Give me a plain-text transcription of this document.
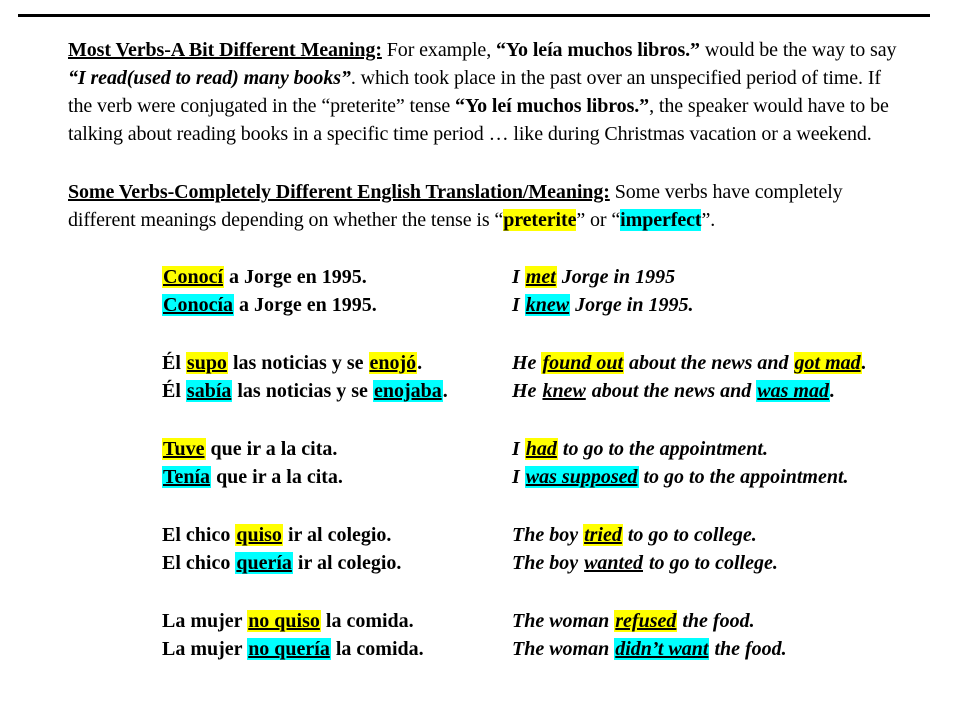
Most Verbs-A Bit Different Meaning: For example, “Yo leía muchos libros.” would be the way to say “I read(used to read) many books”. which took place in the past over an unspecified period of time. If the verb were conjugated in the “preterite” tense “Yo leí muchos libros.”, the speaker would have to be talking about reading books in a specific time period … like during Christmas vacation or a weekend.
Some Verbs-Completely Different English Translation/Meaning: Some verbs have completely different meanings depending on whether the tense is “preterite” or “imperfect”.
Conocí a Jorge en 1995.	I met Jorge in 1995
Conocía a Jorge en 1995.	I knew Jorge in 1995.
Él supo las noticias y se enojó.	He found out about the news and got mad.
Él sabía las noticias y se enojaba.	He knew about the news and was mad.
Tuve que ir a la cita.	I had to go to the appointment.
Tenía que ir a la cita.	I was supposed to go to the appointment.
El chico quiso ir al colegio.	The boy tried to go to college.
El chico quería ir al colegio.	The boy wanted to go to college.
La mujer no quiso la comida.	The woman refused the food.
La mujer no quería la comida.	The woman didn’t want the food.
